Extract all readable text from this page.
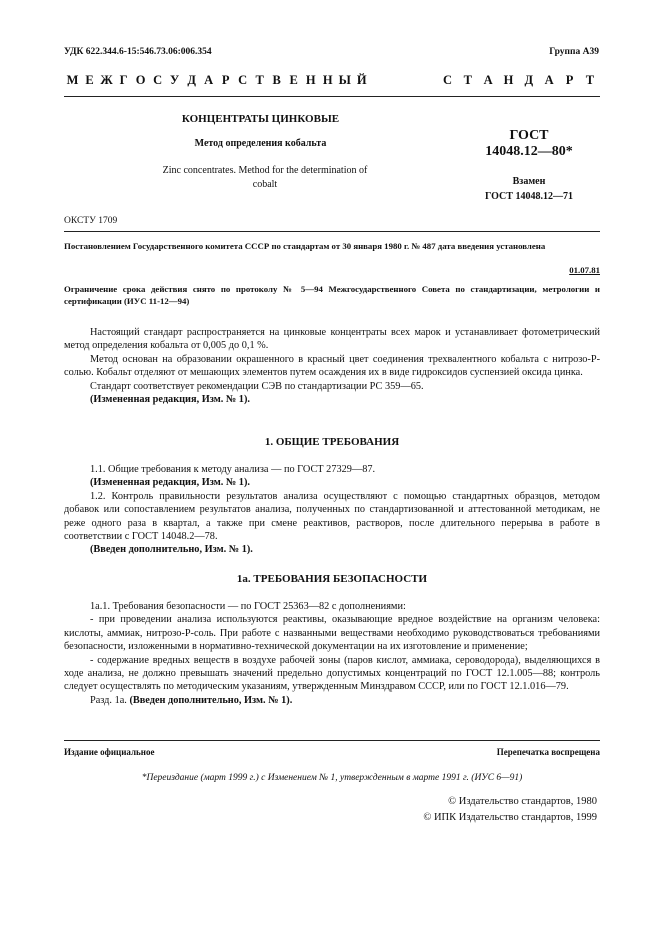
УДК 622.344.6-15:546.73.06:006.354	Группа А39
М Е Ж Г О С У Д А Р С Т В Е Н Н Ы Й	С Т А Н Д А Р Т
КОНЦЕНТРАТЫ ЦИНКОВЫЕ
Метод определения кобальта
Zinc concentrates. Method for the determination of cobalt
ГОСТ
14048.12—80*
Взамен
ГОСТ 14048.12—71
ОКСТУ 1709
Постановлением Государственного комитета СССР по стандартам от 30 января 1980 г. № 487 дата введения установлена
01.07.81
Ограничение срока действия снято по протоколу № 5—94 Межгосударственного Совета по стандартизации, метрологии и сертификации (ИУС 11-12—94)

Настоящий стандарт распространяется на цинковые концентраты всех марок и устанавливает фотометрический метод определения кобальта от 0,005 до 0,1 %.

Метод основан на образовании окрашенного в красный цвет соединения трехвалентного кобальта с нитрозо-Р-солью. Кобальт отделяют от мешающих элементов путем осаждения их в виде гидроксидов суспензией оксида цинка.

Стандарт соответствует рекомендации СЭВ по стандартизации РС 359—65.

(Измененная редакция, Изм. № 1).

1. ОБЩИЕ ТРЕБОВАНИЯ

1.1. Общие требования к методу анализа — по ГОСТ 27329—87.

(Измененная редакция, Изм. № 1).

1.2. Контроль правильности результатов анализа осуществляют с помощью стандартных образцов, методом добавок или сопоставлением результатов анализа, полученных по стандартизованной и аттестованной методикам, не реже одного раза в квартал, а также при смене реактивов, растворов, после длительного перерыва в работе в соответствии с ГОСТ 14048.2—78.

(Введен дополнительно, Изм. № 1).

1а. ТРЕБОВАНИЯ БЕЗОПАСНОСТИ

1а.1. Требования безопасности — по ГОСТ 25363—82 с дополнениями:

- при проведении анализа используются реактивы, оказывающие вредное воздействие на организм человека: кислоты, аммиак, нитрозо-Р-соль. При работе с названными веществами необходимо руководствоваться требованиями безопасности, изложенными в нормативно-технической документации на их изготовление и применение;

- содержание вредных веществ в воздухе рабочей зоны (паров кислот, аммиака, сероводорода), выделяющихся в ходе анализа, не должно превышать значений предельно допустимых концентраций по ГОСТ 12.1.005—88; контроль следует осуществлять по методическим указаниям, утвержденным Минздравом СССР, или по ГОСТ 12.1.016—79.

Разд. 1а. (Введен дополнительно, Изм. № 1).

Издание официальное	Перепечатка воспрещена
*Переиздание (март 1999 г.) с Изменением № 1, утвержденным в марте 1991 г. (ИУС 6—91)
© Издательство стандартов, 1980
© ИПК Издательство стандартов, 1999
